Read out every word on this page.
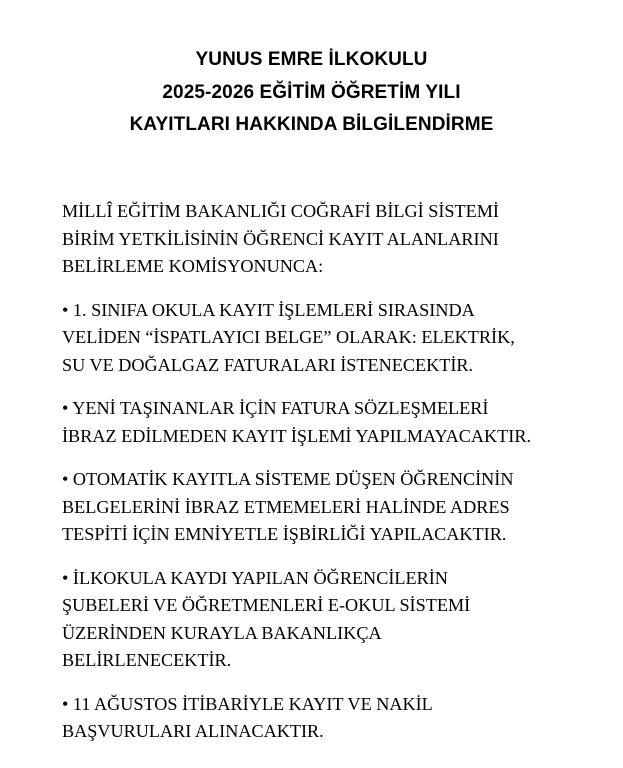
YUNUS EMRE İLKOKULU
2025-2026 EĞİTİM ÖĞRETİM YILI
KAYITLARI HAKKINDA BİLGİLENDİRME
MİLLÎ EĞİTİM BAKANLIĞI COĞRAFİ BİLGİ SİSTEMİ
BİRİM YETKİLİSİNİN ÖĞRENCİ KAYIT ALANLARINI
BELİRLEME KOMİSYONUNCA:
• 1. SINIFA OKULA KAYIT İŞLEMLERİ SIRASINDA
VELİDEN “İSPATLAYICI BELGE” OLARAK: ELEKTRİK,
SU VE DOĞALGAZ FATURALARI İSTENECEKTİR.
• YENİ TAŞINANLAR İÇİN FATURA SÖZLEŞMELERİ
İBRAZ EDİLMEDEN KAYIT İŞLEMİ YAPILMAYACAKTIR.
• OTOMATİK KAYITLA SİSTEME DÜŞEN ÖĞRENCİNİN
BELGELERİNİ İBRAZ ETMEMELERİ HALİNDE ADRES
TESPİTİ İÇİN EMNİYETLE İŞBİRLİĞİ YAPILACAKTIR.
• İLKOKULA KAYDI YAPILAN ÖĞRENCİLERİN
ŞUBELERİ VE ÖĞRETMENLERİ E-OKUL SİSTEMİ
ÜZERİNDEN KURAYLA BAKANLIKÇA
BELİRLENECEKTİR.
• 11 AĞUSTOS İTİBARİYLE KAYIT VE NAKİL
BAŞVURULARI ALINACAKTIR.
